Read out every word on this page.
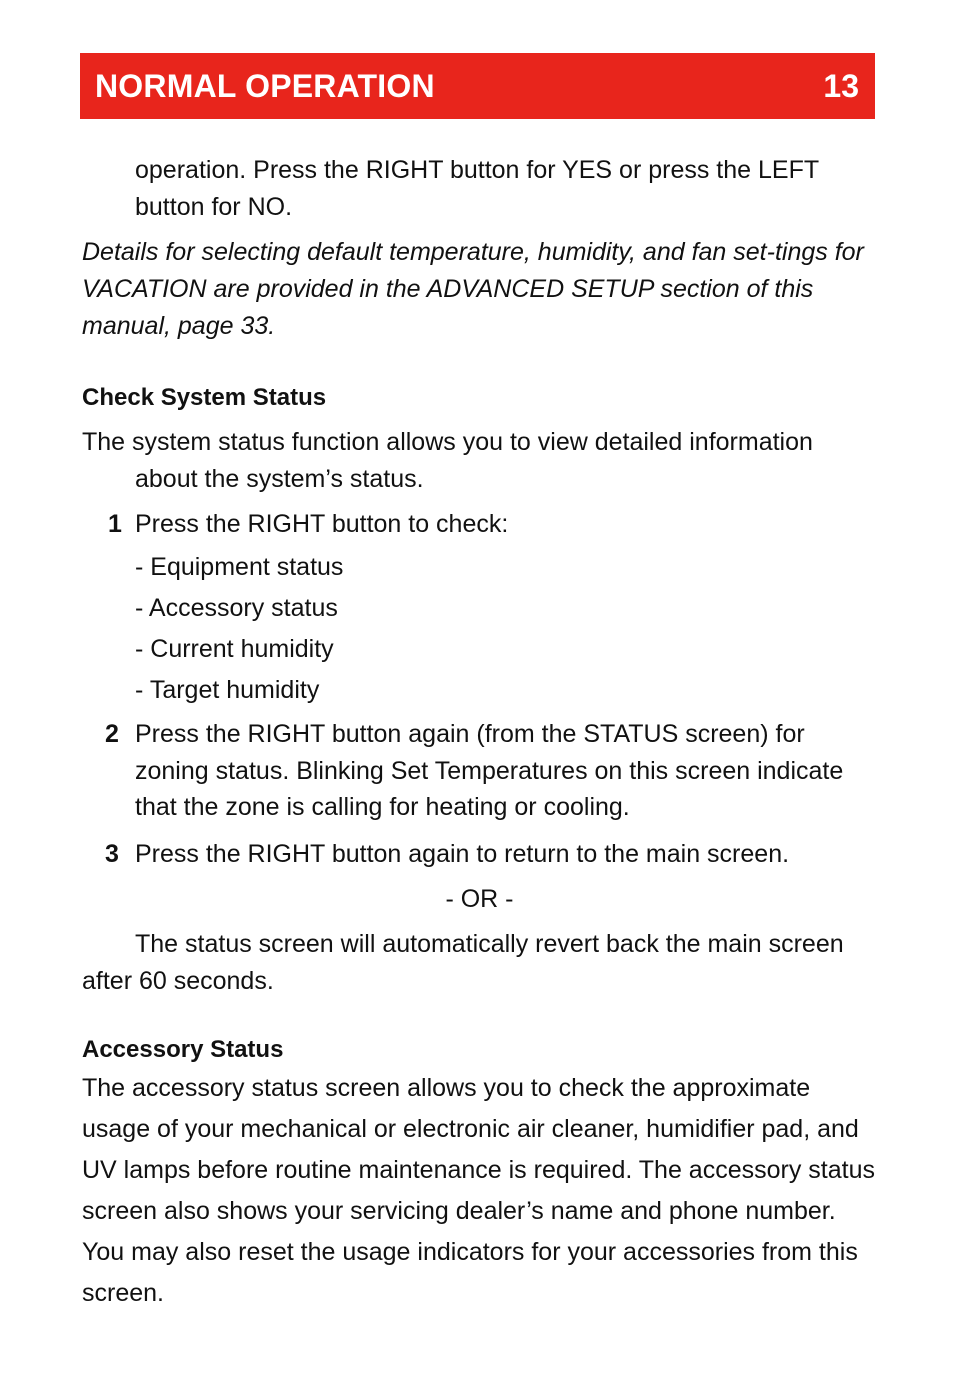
NORMAL OPERATION	13

operation. Press the RIGHT button for YES or press the LEFT button for NO.

Details for selecting default temperature, humidity, and fan set-tings for VACATION are provided in the ADVANCED SETUP section of this manual, page 33.

Check System Status

The system status function allows you to view detailed information about the system’s status.

1 Press the RIGHT button to check:

- Equipment status
- Accessory status
- Current humidity
- Target humidity
2 Press the RIGHT button again (from the STATUS screen) for zoning status. Blinking Set Temperatures on this screen indicate that the zone is calling for heating or cooling.

3 Press the RIGHT button again to return to the main screen.

- OR -

The status screen will automatically revert back the main screen after 60 seconds.

Accessory Status

The accessory status screen allows you to check the approximate usage of your mechanical or electronic air cleaner, humidifier pad, and UV lamps before routine maintenance is required. The accessory status screen also shows your servicing dealer’s name and phone number. You may also reset the usage indicators for your accessories from this screen.
